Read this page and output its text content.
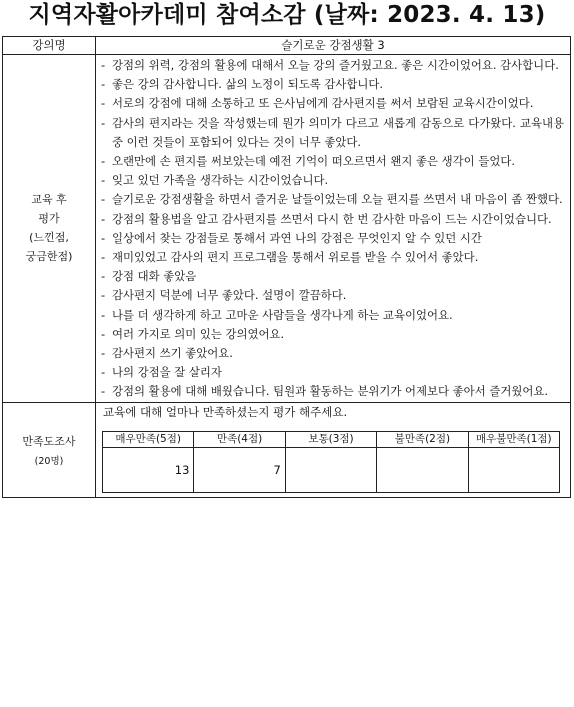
지역자활아카데미 참여소감 (날짜: 2023. 4. 13)
강의명	슬기로운 강점생활 3

교육 후
평가
(느낀점,
궁금한점)

- 강점의 위력, 강점의 활용에 대해서 오늘 강의 즐거웠고요. 좋은 시간이었어요. 감사합니다.
- 좋은 강의 감사합니다. 삶의 노정이 되도록 감사합니다.
- 서로의 강점에 대해 소통하고 또 은사님에게 감사편지를 써서 보람된 교육시간이었다.
- 감사의 편지라는 것을 작성했는데 뭔가 의미가 다르고 새롭게 감동으로 다가왔다. 교육내용 중 이런 것들이 포함되어 있다는 것이 너무 좋았다.
- 오랜만에 손 편지를 써보았는데 예전 기억이 떠오르면서 왠지 좋은 생각이 들었다.
- 잊고 있던 가족을 생각하는 시간이었습니다.
- 슬기로운 강점생활을 하면서 즐거운 날들이었는데 오늘 편지를 쓰면서 내 마음이 좀 짠했다.
- 강점의 활용법을 알고 감사편지를 쓰면서 다시 한 번 감사한 마음이 드는 시간이었습니다.
- 일상에서 찾는 강점들로 통해서 과연 나의 강점은 무엇인지 알 수 있던 시간
- 재미있었고 감사의 편지 프로그램을 통해서 위로를 받을 수 있어서 좋았다.
- 강점 대화 좋았음
- 감사편지 덕분에 너무 좋았다. 설명이 깔끔하다.
- 나를 더 생각하게 하고 고마운 사람들을 생각나게 하는 교육이었어요.
- 여러 가지로 의미 있는 강의였어요.
- 감사편지 쓰기 좋았어요.
- 나의 강점을 잘 살리자
- 강점의 활용에 대해 배웠습니다. 팀원과 활동하는 분위기가 어제보다 좋아서 즐거웠어요.

만족도조사
(20명)

교육에 대해 얼마나 만족하셨는지 평가 해주세요.
매우만족(5점)	만족(4점)	보통(3점)	불만족(2점)	매우불만족(1점)
13	7			
